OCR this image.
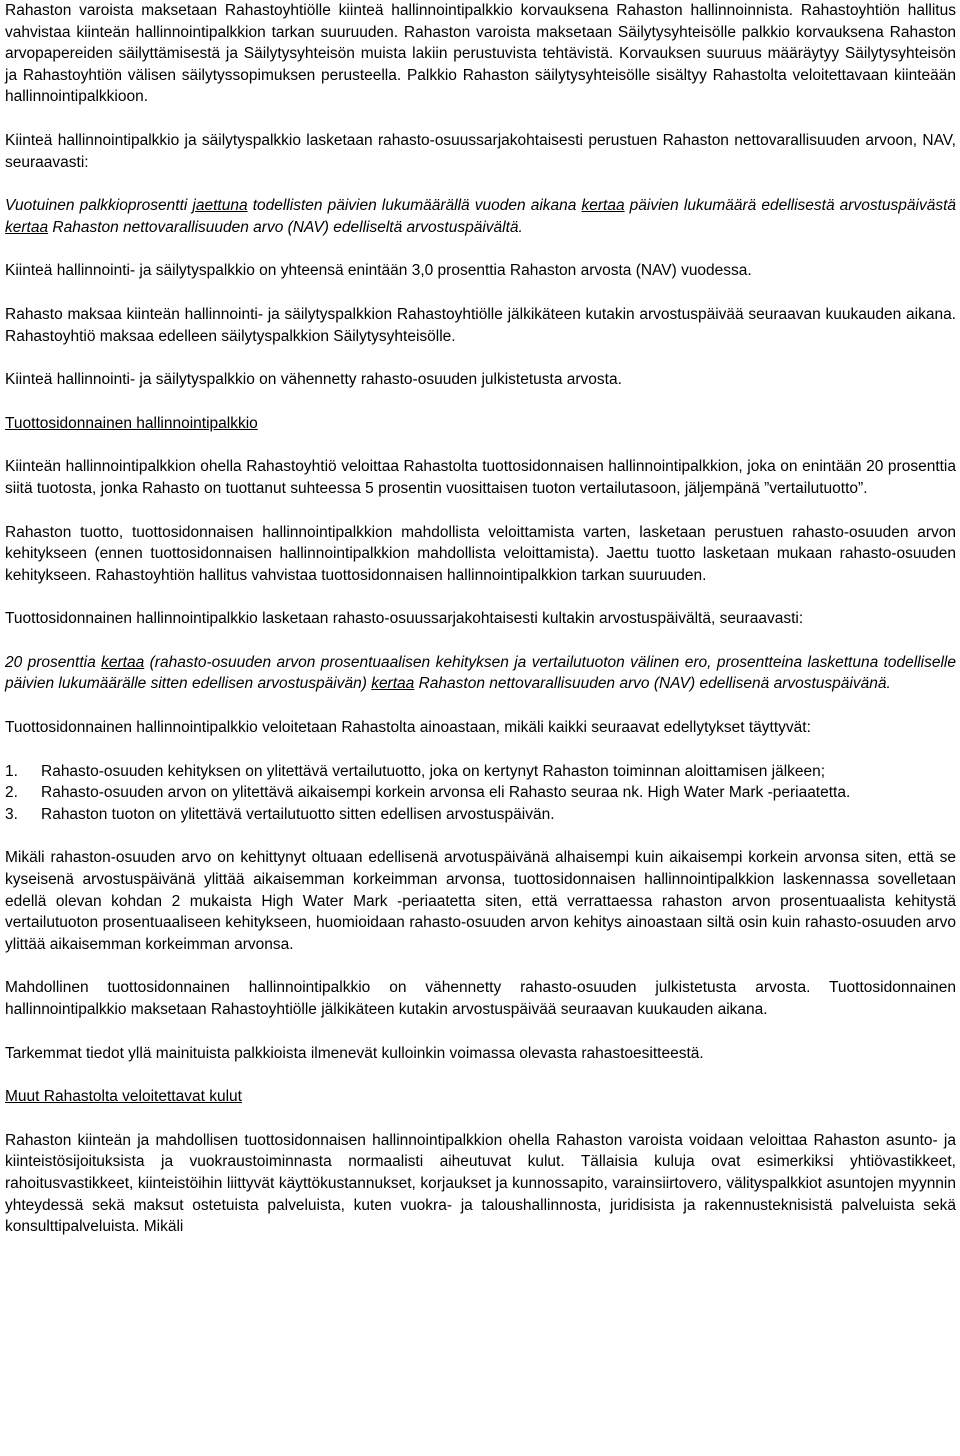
Rahaston varoista maksetaan Rahastoyhtiölle kiinteä hallinnointipalkkio korvauksena Rahaston hallinnoinnista. Rahastoyhtiön hallitus vahvistaa kiinteän hallinnointipalkkion tarkan suuruuden. Rahaston varoista maksetaan Säilytysyhteisölle palkkio korvauksena Rahaston arvopapereiden säilyttämisestä ja Säilytysyhteisön muista lakiin perustuvista tehtävistä. Korvauksen suuruus määräytyy Säilytysyhteisön ja Rahastoyhtiön välisen säilytyssopimuksen perusteella. Palkkio Rahaston säilytysyhteisölle sisältyy Rahastolta veloitettavaan kiinteään hallinnointipalkkioon.

Kiinteä hallinnointipalkkio ja säilytyspalkkio lasketaan rahasto-osuussarjakohtaisesti perustuen Rahaston nettovarallisuuden arvoon, NAV, seuraavasti:

Vuotuinen palkkioprosentti jaettuna todellisten päivien lukumäärällä vuoden aikana kertaa päivien lukumäärä edellisestä arvostuspäivästä kertaa Rahaston nettovarallisuuden arvo (NAV) edelliseltä arvostuspäivältä.

Kiinteä hallinnointi- ja säilytyspalkkio on yhteensä enintään 3,0 prosenttia Rahaston arvosta (NAV) vuodessa.

Rahasto maksaa kiinteän hallinnointi- ja säilytyspalkkion Rahastoyhtiölle jälkikäteen kutakin arvostuspäivää seuraavan kuukauden aikana. Rahastoyhtiö maksaa edelleen säilytyspalkkion Säilytysyhteisölle.

Kiinteä hallinnointi- ja säilytyspalkkio on vähennetty rahasto-osuuden julkistetusta arvosta.

Tuottosidonnainen hallinnointipalkkio

Kiinteän hallinnointipalkkion ohella Rahastoyhtiö veloittaa Rahastolta tuottosidonnaisen hallinnointipalkkion, joka on enintään 20 prosenttia siitä tuotosta, jonka Rahasto on tuottanut suhteessa 5 prosentin vuosittaisen tuoton vertailutasoon, jäljempänä ”vertailutuotto”.

Rahaston tuotto, tuottosidonnaisen hallinnointipalkkion mahdollista veloittamista varten, lasketaan perustuen rahasto-osuuden arvon kehitykseen (ennen tuottosidonnaisen hallinnointipalkkion mahdollista veloittamista). Jaettu tuotto lasketaan mukaan rahasto-osuuden kehitykseen. Rahastoyhtiön hallitus vahvistaa tuottosidonnaisen hallinnointipalkkion tarkan suuruuden.

Tuottosidonnainen hallinnointipalkkio lasketaan rahasto-osuussarjakohtaisesti kultakin arvostuspäivältä, seuraavasti:

20 prosenttia kertaa (rahasto-osuuden arvon prosentuaalisen kehityksen ja vertailutuoton välinen ero, prosentteina laskettuna todelliselle päivien lukumäärälle sitten edellisen arvostuspäivän) kertaa Rahaston nettovarallisuuden arvo (NAV) edellisenä arvostuspäivänä.

Tuottosidonnainen hallinnointipalkkio veloitetaan Rahastolta ainoastaan, mikäli kaikki seuraavat edellytykset täyttyvät:

1. Rahasto-osuuden kehityksen on ylitettävä vertailutuotto, joka on kertynyt Rahaston toiminnan aloittamisen jälkeen;
2. Rahasto-osuuden arvon on ylitettävä aikaisempi korkein arvonsa eli Rahasto seuraa nk. High Water Mark -periaatetta.
3. Rahaston tuoton on ylitettävä vertailutuotto sitten edellisen arvostuspäivän.

Mikäli rahaston-osuuden arvo on kehittynyt oltuaan edellisenä arvotuspäivänä alhaisempi kuin aikaisempi korkein arvonsa siten, että se kyseisenä arvostuspäivänä ylittää aikaisemman korkeimman arvonsa, tuottosidonnaisen hallinnointipalkkion laskennassa sovelletaan edellä olevan kohdan 2 mukaista High Water Mark -periaatetta siten, että verrattaessa rahaston arvon prosentuaalista kehitystä vertailutuoton prosentuaaliseen kehitykseen, huomioidaan rahasto-osuuden arvon kehitys ainoastaan siltä osin kuin rahasto-osuuden arvo ylittää aikaisemman korkeimman arvonsa.

Mahdollinen tuottosidonnainen hallinnointipalkkio on vähennetty rahasto-osuuden julkistetusta arvosta. Tuottosidonnainen hallinnointipalkkio maksetaan Rahastoyhtiölle jälkikäteen kutakin arvostuspäivää seuraavan kuukauden aikana.

Tarkemmat tiedot yllä mainituista palkkioista ilmenevät kulloinkin voimassa olevasta rahastoesitteestä.

Muut Rahastolta veloitettavat kulut

Rahaston kiinteän ja mahdollisen tuottosidonnaisen hallinnointipalkkion ohella Rahaston varoista voidaan veloittaa Rahaston asunto- ja kiinteistösijoituksista ja vuokraustoiminnasta normaalisti aiheutuvat kulut. Tällaisia kuluja ovat esimerkiksi yhtiövastikkeet, rahoitusvastikkeet, kiinteistöihin liittyvät käyttökustannukset, korjaukset ja kunnossapito, varainsiirtovero, välityspalkkiot asuntojen myynnin yhteydessä sekä maksut ostetuista palveluista, kuten vuokra- ja taloushallinnosta, juridisista ja rakennusteknisistä palveluista sekä konsulttipalveluista. Mikäli
